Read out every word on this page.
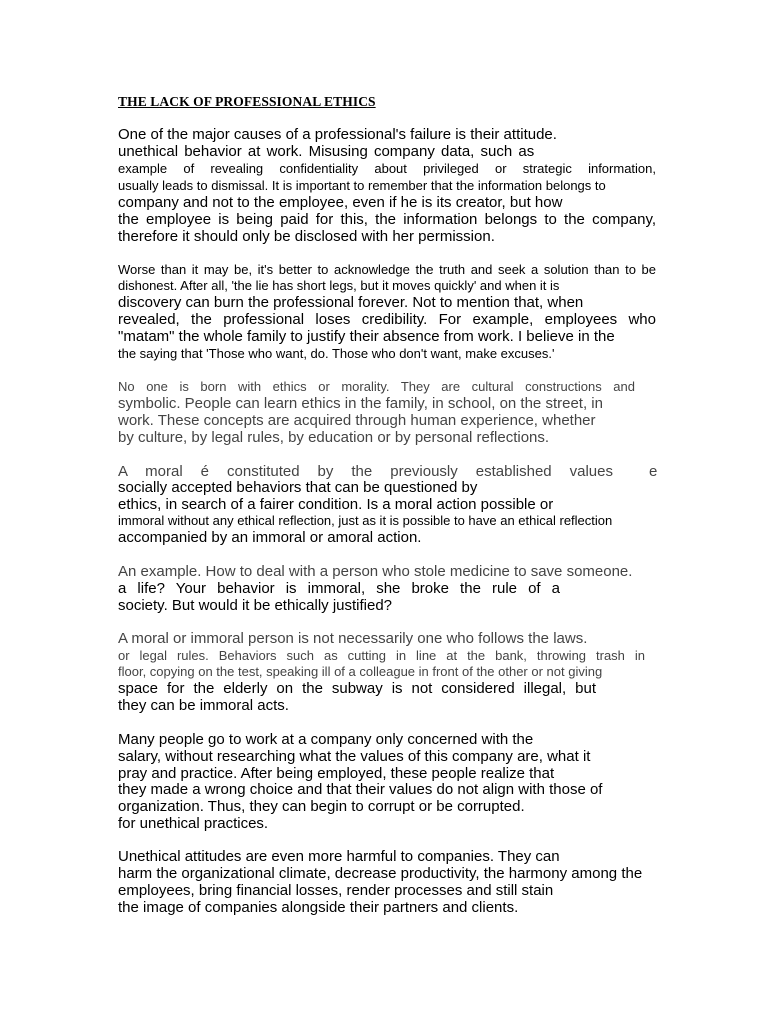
THE LACK OF PROFESSIONAL ETHICS
One of the major causes of a professional's failure is their attitude.
unethical behavior at work. Misusing company data, such as
example of revealing confidentiality about privileged or strategic information,
usually leads to dismissal. It is important to remember that the information belongs to
company and not to the employee, even if he is its creator, but how
the employee is being paid for this, the information belongs to the company,
therefore it should only be disclosed with her permission.
Worse than it may be, it's better to acknowledge the truth and seek a solution than to be
dishonest. After all, 'the lie has short legs, but it moves quickly' and when it is
discovery can burn the professional forever. Not to mention that, when
revealed, the professional loses credibility. For example, employees who
"matam" the whole family to justify their absence from work. I believe in the
the saying that 'Those who want, do. Those who don't want, make excuses.'
No one is born with ethics or morality. They are cultural constructions and
symbolic. People can learn ethics in the family, in school, on the street, in
work. These concepts are acquired through human experience, whether
by culture, by legal rules, by education or by personal reflections.
A moral é constituted by the previously established values e
socially accepted behaviors that can be questioned by
ethics, in search of a fairer condition. Is a moral action possible or
immoral without any ethical reflection, just as it is possible to have an ethical reflection
accompanied by an immoral or amoral action.
An example. How to deal with a person who stole medicine to save someone.
a life? Your behavior is immoral, she broke the rule of a
society. But would it be ethically justified?
A moral or immoral person is not necessarily one who follows the laws.
or legal rules. Behaviors such as cutting in line at the bank, throwing trash in
floor, copying on the test, speaking ill of a colleague in front of the other or not giving
space for the elderly on the subway is not considered illegal, but
they can be immoral acts.
Many people go to work at a company only concerned with the
salary, without researching what the values of this company are, what it
pray and practice. After being employed, these people realize that
they made a wrong choice and that their values do not align with those of
organization. Thus, they can begin to corrupt or be corrupted.
for unethical practices.
Unethical attitudes are even more harmful to companies. They can
harm the organizational climate, decrease productivity, the harmony among the
employees, bring financial losses, render processes and still stain
the image of companies alongside their partners and clients.
